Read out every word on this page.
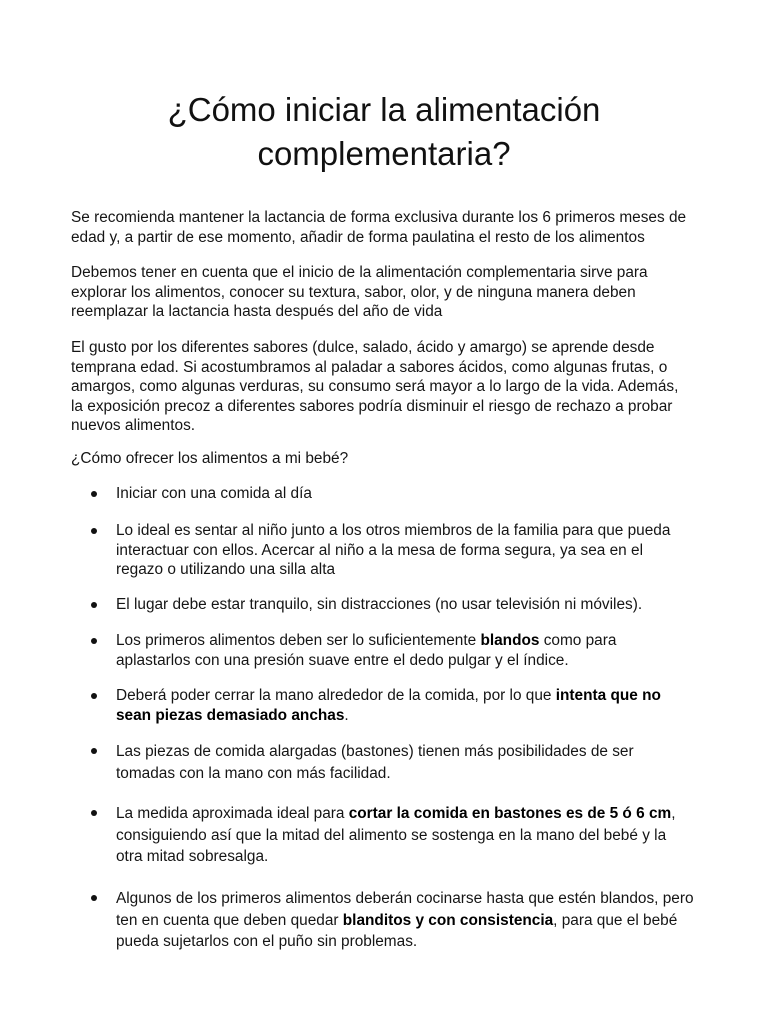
¿Cómo iniciar la alimentación complementaria?

Se recomienda mantener la lactancia de forma exclusiva durante los 6 primeros meses de edad y, a partir de ese momento, añadir de forma paulatina el resto de los alimentos

Debemos tener en cuenta que el inicio de la alimentación complementaria sirve para explorar los alimentos, conocer su textura, sabor, olor, y de ninguna manera deben reemplazar la lactancia hasta después del año de vida

El gusto por los diferentes sabores (dulce, salado, ácido y amargo) se aprende desde temprana edad. Si acostumbramos al paladar a sabores ácidos, como algunas frutas, o amargos, como algunas verduras, su consumo será mayor a lo largo de la vida. Además, la exposición precoz a diferentes sabores podría disminuir el riesgo de rechazo a probar nuevos alimentos.

¿Cómo ofrecer los alimentos a mi bebé?

Iniciar con una comida al día

Lo ideal es sentar al niño junto a los otros miembros de la familia para que pueda interactuar con ellos. Acercar al niño a la mesa de forma segura, ya sea en el regazo o utilizando una silla alta

El lugar debe estar tranquilo, sin distracciones (no usar televisión ni móviles).

Los primeros alimentos deben ser lo suficientemente blandos como para aplastarlos con una presión suave entre el dedo pulgar y el índice.

Deberá poder cerrar la mano alrededor de la comida, por lo que intenta que no sean piezas demasiado anchas.

Las piezas de comida alargadas (bastones) tienen más posibilidades de ser tomadas con la mano con más facilidad.

La medida aproximada ideal para cortar la comida en bastones es de 5 ó 6 cm, consiguiendo así que la mitad del alimento se sostenga en la mano del bebé y la otra mitad sobresalga.

Algunos de los primeros alimentos deberán cocinarse hasta que estén blandos, pero ten en cuenta que deben quedar blanditos y con consistencia, para que el bebé pueda sujetarlos con el puño sin problemas.
